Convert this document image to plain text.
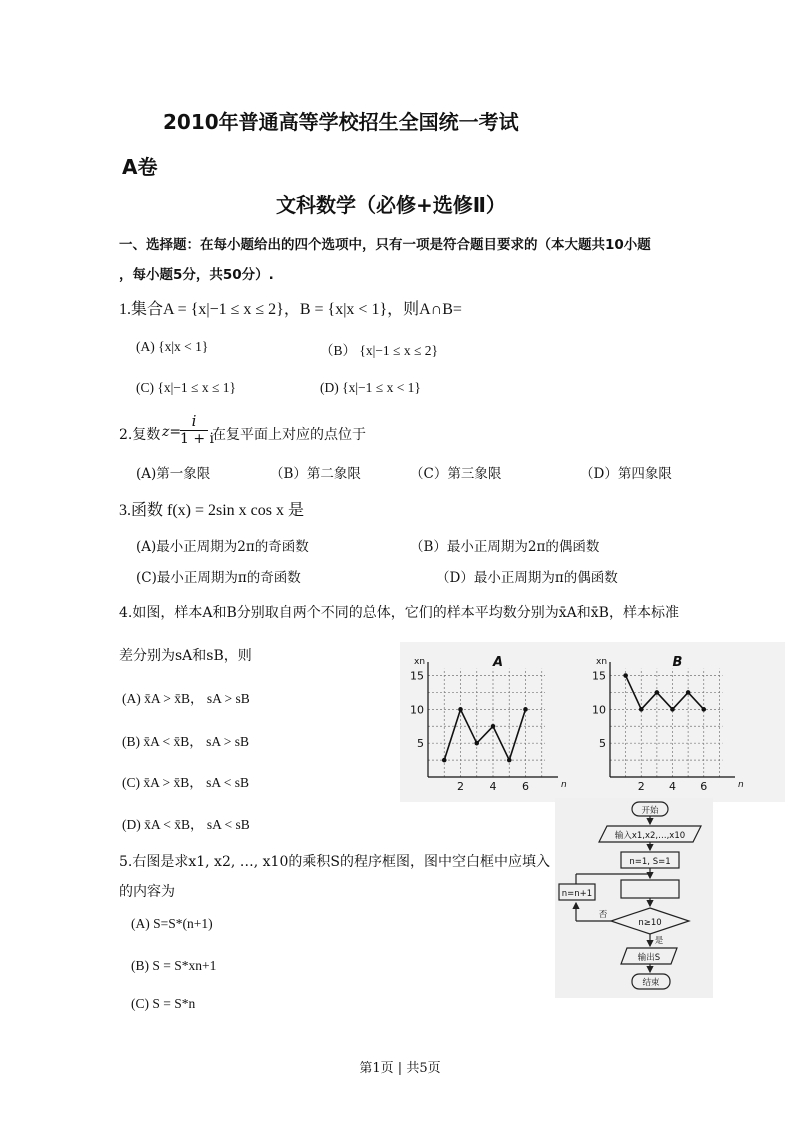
2010年普通高等学校招生全国统一考试
A卷
文科数学（必修+选修Ⅱ）
一、选择题：在每小题给出的四个选项中，只有一项是符合题目要求的（本大题共10小题
，每小题5分，共50分）.
1.集合A = {x|−1 ≤ x ≤ 2}，B = {x|x < 1}，则A∩B=
(A) {x|x < 1}	（B） {x|−1 ≤ x ≤ 2}
(C) {x|−1 ≤ x ≤ 1}	(D) {x|−1 ≤ x < 1}
2.复数 z=
$\frac{i}{1 + i}$ 在复平面上对应的点位于
(A)第一象限	（B）第二象限	（C）第三象限	（D）第四象限
3.函数 f(x) = 2sin x cos x 是
(A)最小正周期为2π的奇函数	（B）最小正周期为2π的偶函数
(C)最小正周期为π的奇函数	（D）最小正周期为π的偶函数
4.如图，样本A和B分别取自两个不同的总体，它们的样本平均数分别为x̄A和x̄B，样本标准
差分别为sA和sB，则
(A) x̄A > x̄B， sA > sB
(B) x̄A < x̄B， sA > sB
(C) x̄A > x̄B， sA < sB
(D) x̄A < x̄B， sA < sB
5.右图是求x1, x2, …, x10的乘积S的程序框图，图中空白框中应填入
的内容为
(A) S=S*(n+1)
(B) S = S*xn+1
(C) S = S*n
5
10
15
2 4 6
xn
n
A
5
10
15
2 4 6
xn
n
B
开始
输入x1,x2,…,x10
n=1, S=1
n≥10
n=n+1
否
是
输出S
结束
第1页 | 共5页
